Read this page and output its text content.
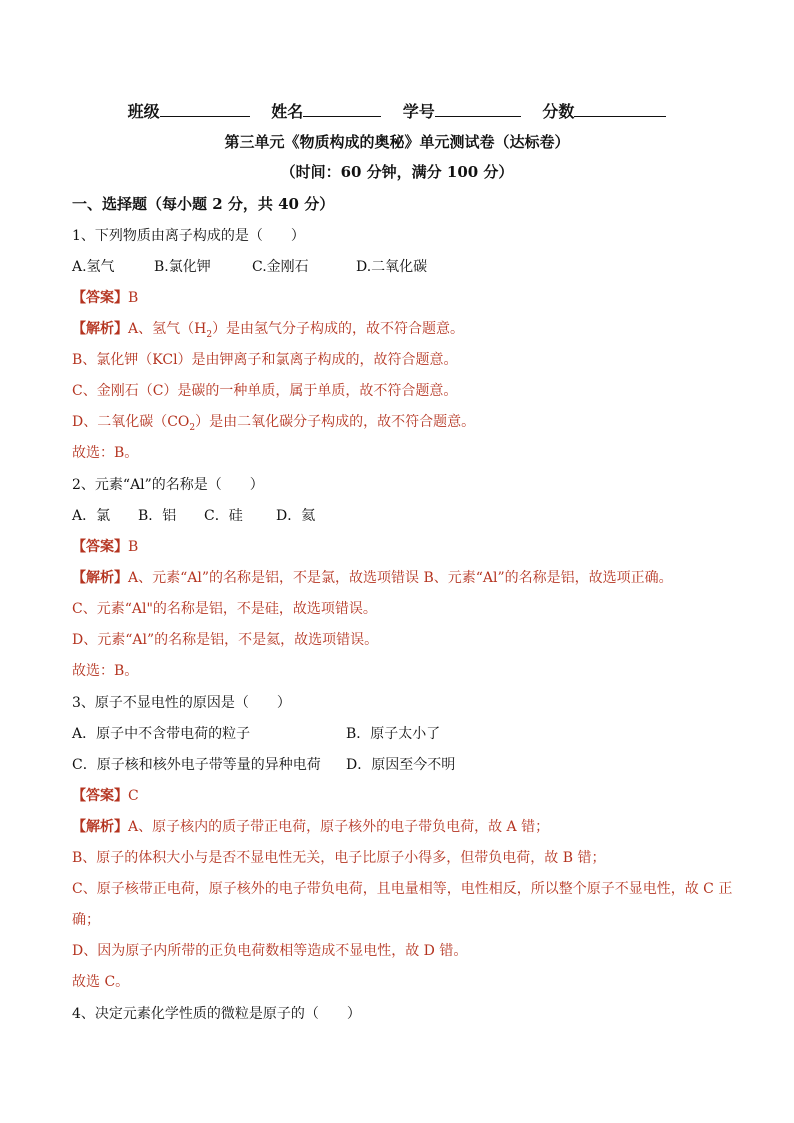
班级	姓名	学号	分数
第三单元《物质构成的奥秘》单元测试卷（达标卷）
（时间：60 分钟，满分 100 分）
一、选择题（每小题 2 分，共 40 分）
1、下列物质由离子构成的是（　　）
A.氢气	B.氯化钾	C.金刚石	D.二氧化碳
【答案】B
【解析】A、氢气$(H_2)$是由氢气分子构成的，故不符合题意。
B、氯化钾（KCl）是由钾离子和氯离子构成的，故符合题意。
C、金刚石（C）是碳的一种单质，属于单质，故不符合题意。
D、二氧化碳$(CO_2)$是由二氧化碳分子构成的，故不符合题意。
故选：B。
2、元素“Al”的名称是（　　）
A．氯 B．铝 C．硅 D．氦
【答案】B
【解析】A、元素“Al”的名称是铝，不是氯，故选项错误 B、元素“Al”的名称是铝，故选项正确。
C、元素“Al"的名称是铝，不是硅，故选项错误。
D、元素“Al”的名称是铝，不是氦，故选项错误。
故选：B。
3、原子不显电性的原因是（　　）
A．原子中不含带电荷的粒子	B．原子太小了
C．原子核和核外电子带等量的异种电荷 D．原因至今不明
【答案】C
【解析】A、原子核内的质子带正电荷，原子核外的电子带负电荷，故 A 错；
B、原子的体积大小与是否不显电性无关，电子比原子小得多，但带负电荷，故 B 错；
C、原子核带正电荷，原子核外的电子带负电荷，且电量相等，电性相反，所以整个原子不显电性，故 C 正
确；
D、因为原子内所带的正负电荷数相等造成不显电性，故 D 错。
故选 C。
4、决定元素化学性质的微粒是原子的（　　）
